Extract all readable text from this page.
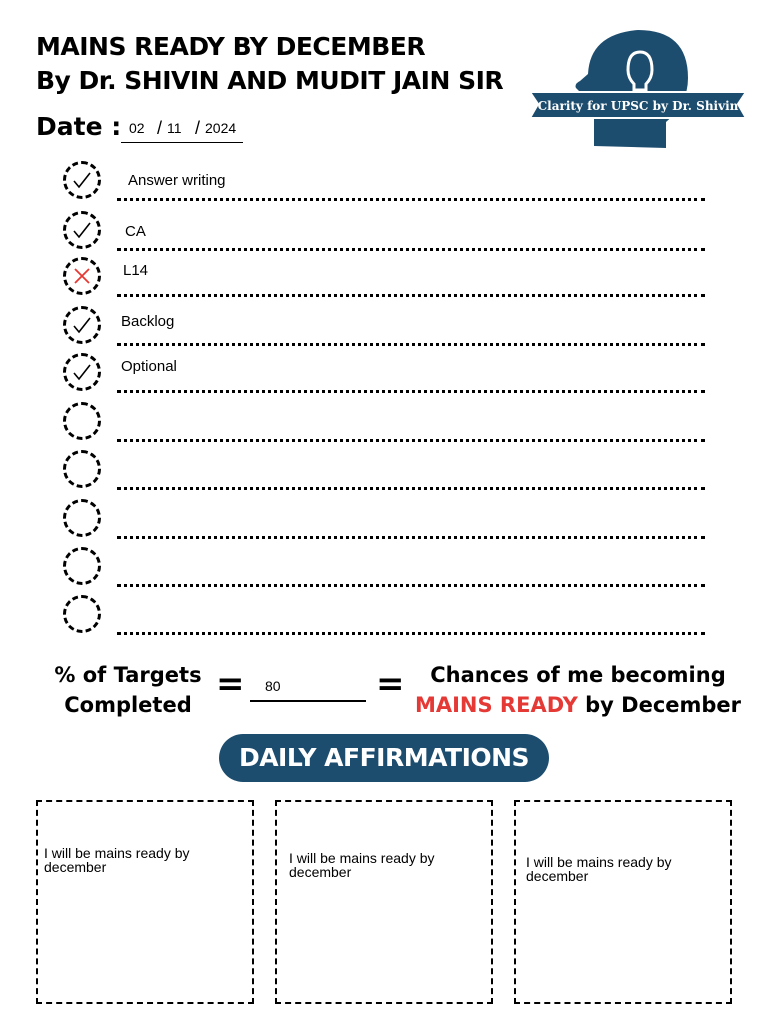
MAINS READY BY DECEMBER
By Dr. SHIVIN AND MUDIT JAIN SIR
Clarity for UPSC by Dr. Shivin
Date : 02 / 11 / 2024
Answer writing
CA
L14
Backlog
Optional
% of Targets
Completed
= 80	=	Chances of me becoming
MAINS READY by December
DAILY AFFIRMATIONS
I will be mains ready by december
I will be mains ready by december
I will be mains ready by december
